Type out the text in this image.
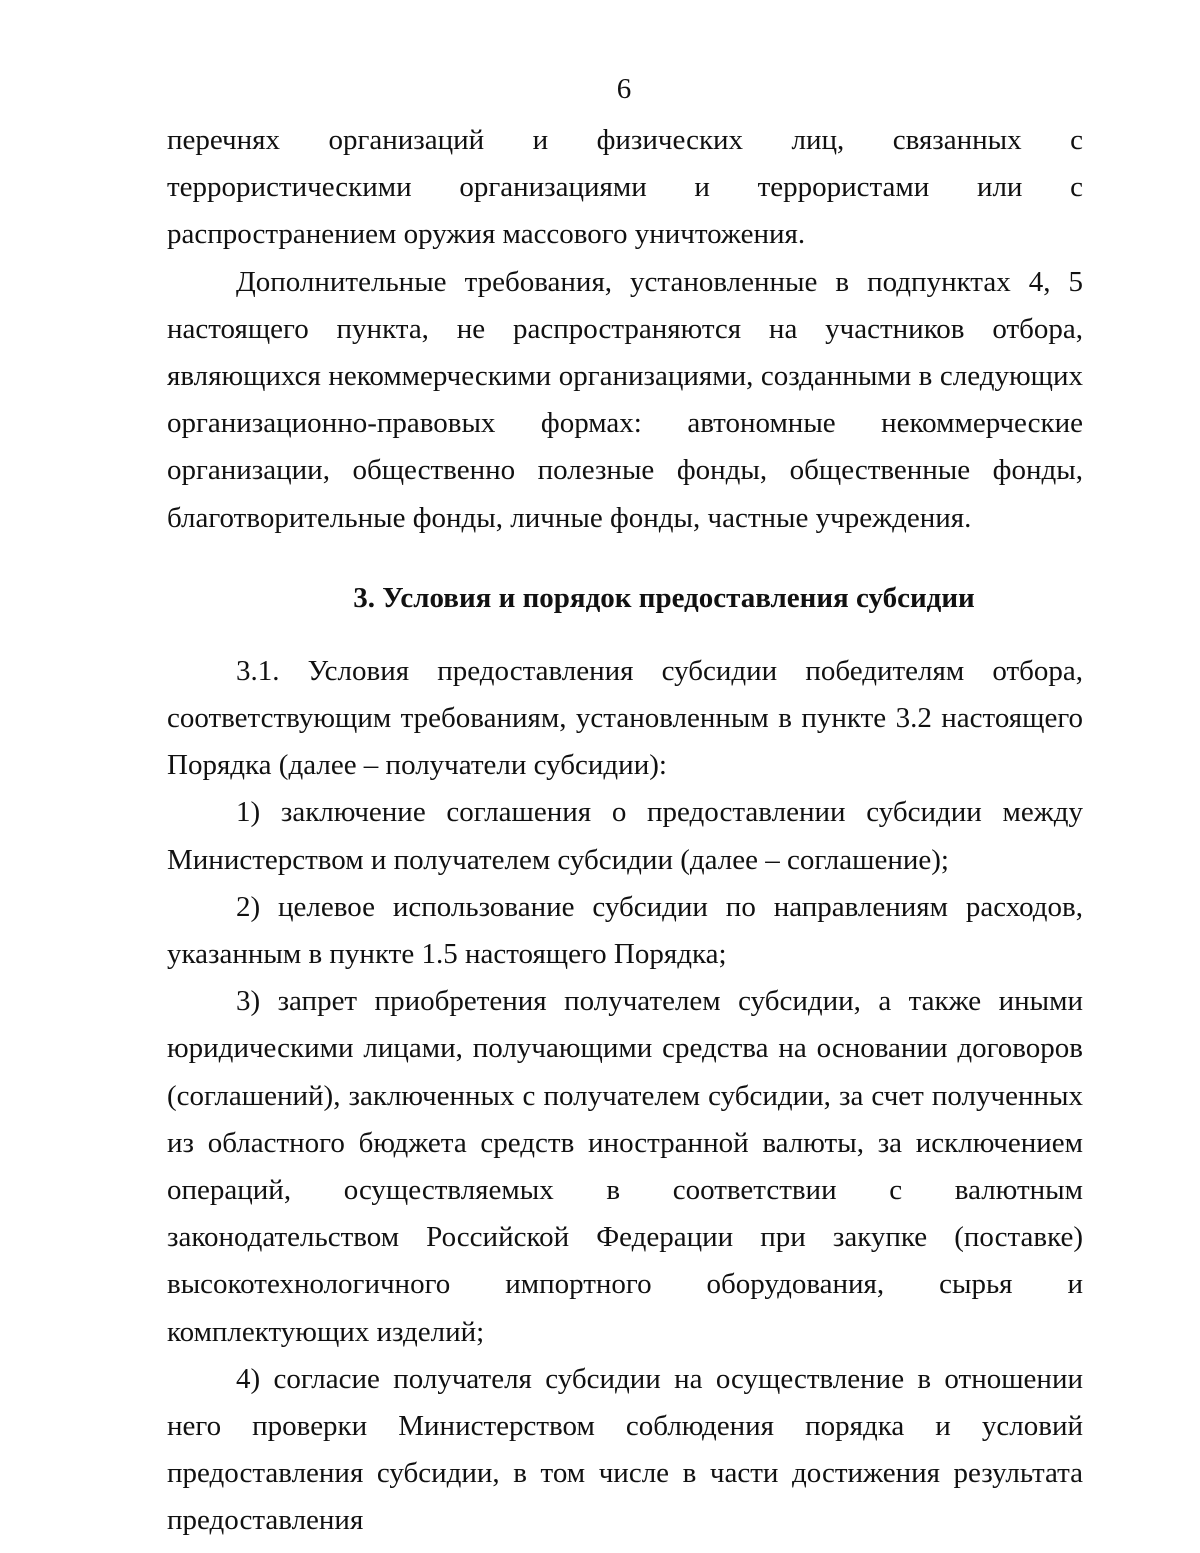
6

перечнях организаций и физических лиц, связанных с террористическими организациями и террористами или с распространением оружия массового уничтожения.

Дополнительные требования, установленные в подпунктах 4, 5 настоящего пункта, не распространяются на участников отбора, являющихся некоммерческими организациями, созданными в следующих организационно-правовых формах: автономные некоммерческие организации, общественно полезные фонды, общественные фонды, благотворительные фонды, личные фонды, частные учреждения.

3. Условия и порядок предоставления субсидии

3.1. Условия предоставления субсидии победителям отбора, соответствующим требованиям, установленным в пункте 3.2 настоящего Порядка (далее – получатели субсидии):

1) заключение соглашения о предоставлении субсидии между Министерством и получателем субсидии (далее – соглашение);

2) целевое использование субсидии по направлениям расходов, указанным в пункте 1.5 настоящего Порядка;

3) запрет приобретения получателем субсидии, а также иными юридическими лицами, получающими средства на основании договоров (соглашений), заключенных с получателем субсидии, за счет полученных из областного бюджета средств иностранной валюты, за исключением операций, осуществляемых в соответствии с валютным законодательством Российской Федерации при закупке (поставке) высокотехнологичного импортного оборудования, сырья и комплектующих изделий;

4) согласие получателя субсидии на осуществление в отношении него проверки Министерством соблюдения порядка и условий предоставления субсидии, в том числе в части достижения результата предоставления
